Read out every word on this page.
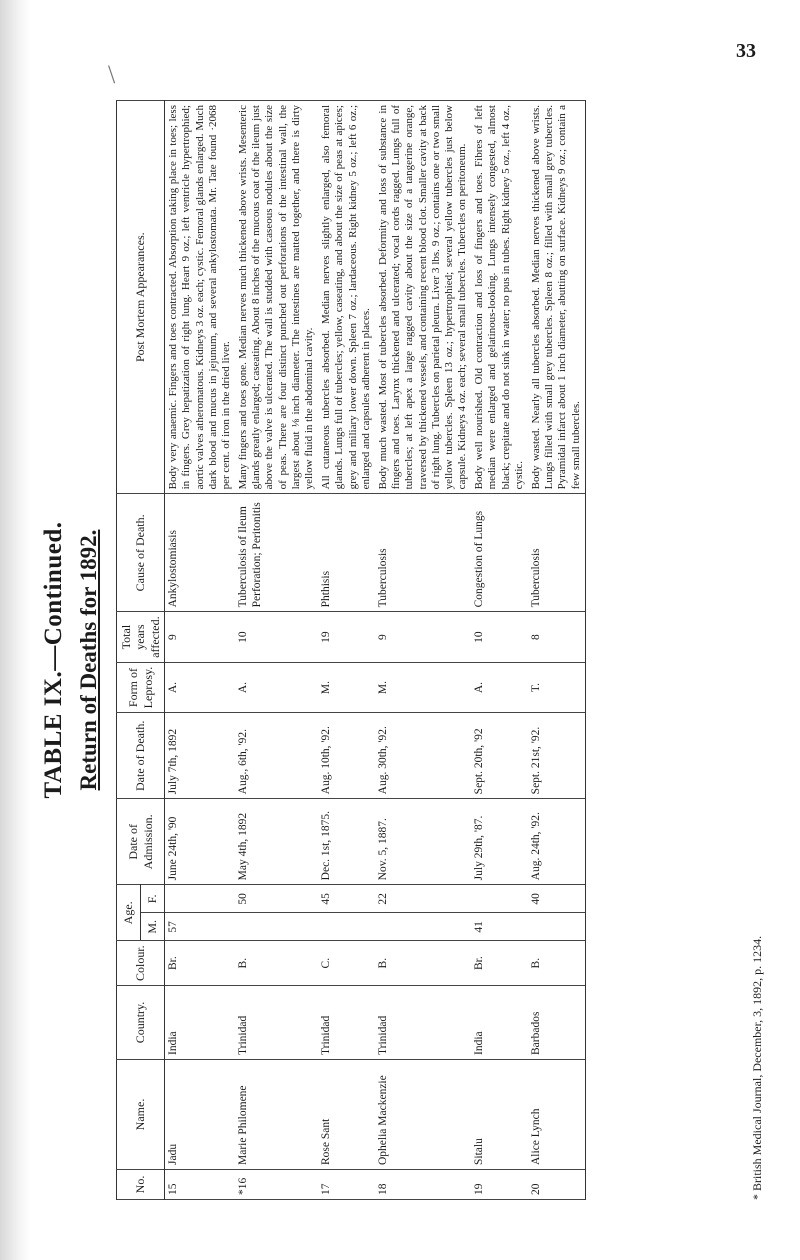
33
\
TABLE IX.—Continued. Return of Deaths for 1892.
No.	Name.	Country.	Colour.	Age.		Date of Admission.	Date of Death.	Form of Leprosy.	Total years affected.	Cause of Death.	Post Mortem Appearances.
				M.	F.						
15	Jadu	India	Br.	57		June 24th, '90	July 7th, 1892	A.	9	Ankylostomiasis	Body very anaemic. Fingers and toes contracted. Absorption taking place in toes; less in fingers. Grey hepatization of right lung. Heart 9 oz.; left ventricle hypertrophied; aortic valves atheromatous. Kidneys 3 oz. each; cystic. Femoral glands enlarged. Much dark blood and mucus in jejunum, and several ankylostomata. Mr. Tate found ·2068 per cent. of iron in the dried liver.
*16	Marie Philomene	Trinidad	B.		50	May 4th, 1892	Aug., 6th, '92.	A.	10	Tuberculosis of Ileum Perforation; Peritonitis	Many fingers and toes gone. Median nerves much thickened above wrists. Mesenteric glands greatly enlarged; caseating. About 8 inches of the mucous coat of the ileum just above the valve is ulcerated. The wall is studded with caseous nodules about the size of peas. There are four distinct punched out perforations of the intestinal wall, the largest about ⅛ inch diameter. The intestines are matted together, and there is dirty yellow fluid in the abdominal cavity.
17	Rose Sant	Trinidad	C.		45	Dec. 1st, 1875.	Aug. 10th, '92.	M.	19	Phthisis	All cutaneous tubercles absorbed. Median nerves slightly enlarged, also femoral glands. Lungs full of tubercles; yellow, caseating, and about the size of peas at apices; grey and miliary lower down. Spleen 7 oz.; lardaceous. Right kidney 5 oz.; left 6 oz.; enlarged and capsules adherent in places.
18	Ophelia Mackenzie	Trinidad	B.		22	Nov. 5, 1887.	Aug. 30th, '92.	M.	9	Tuberculosis	Body much wasted. Most of tubercles absorbed. Deformity and loss of substance in fingers and toes. Larynx thickened and ulcerated; vocal cords ragged. Lungs full of tubercles; at left apex a large ragged cavity about the size of a tangerine orange, traversed by thickened vessels, and containing recent blood clot. Smaller cavity at back of right lung. Tubercles on parietal pleura. Liver 3 lbs. 9 oz.; contains one or two small yellow tubercles. Spleen 13 oz.; hypertrophied; several yellow tubercles just below capsule. Kidneys 4 oz. each; several small tubercles. Tubercles on peritoneum.
19	Sitalu	India	Br.	41		July 29th, '87.	Sept. 20th, '92	A.	10	Congestion of Lungs	Body well nourished. Old contraction and loss of fingers and toes. Fibres of left median were enlarged and gelatinous-looking. Lungs intensely congested, almost black; crepitate and do not sink in water; no pus in tubes. Right kidney 5 oz., left 4 oz., cystic.
20	Alice Lynch	Barbados	B.		40	Aug. 24th, '92.	Sept. 21st, '92.	T.	8	Tuberculosis	Body wasted. Nearly all tubercles absorbed. Median nerves thickened above wrists. Lungs filled with small grey tubercles. Spleen 8 oz.; filled with small grey tubercles. Pyramidal infarct about 1 inch diameter, abutting on surface. Kidneys 9 oz.; contain a few small tubercles.
* British Medical Journal, December, 3, 1892, p. 1234.
